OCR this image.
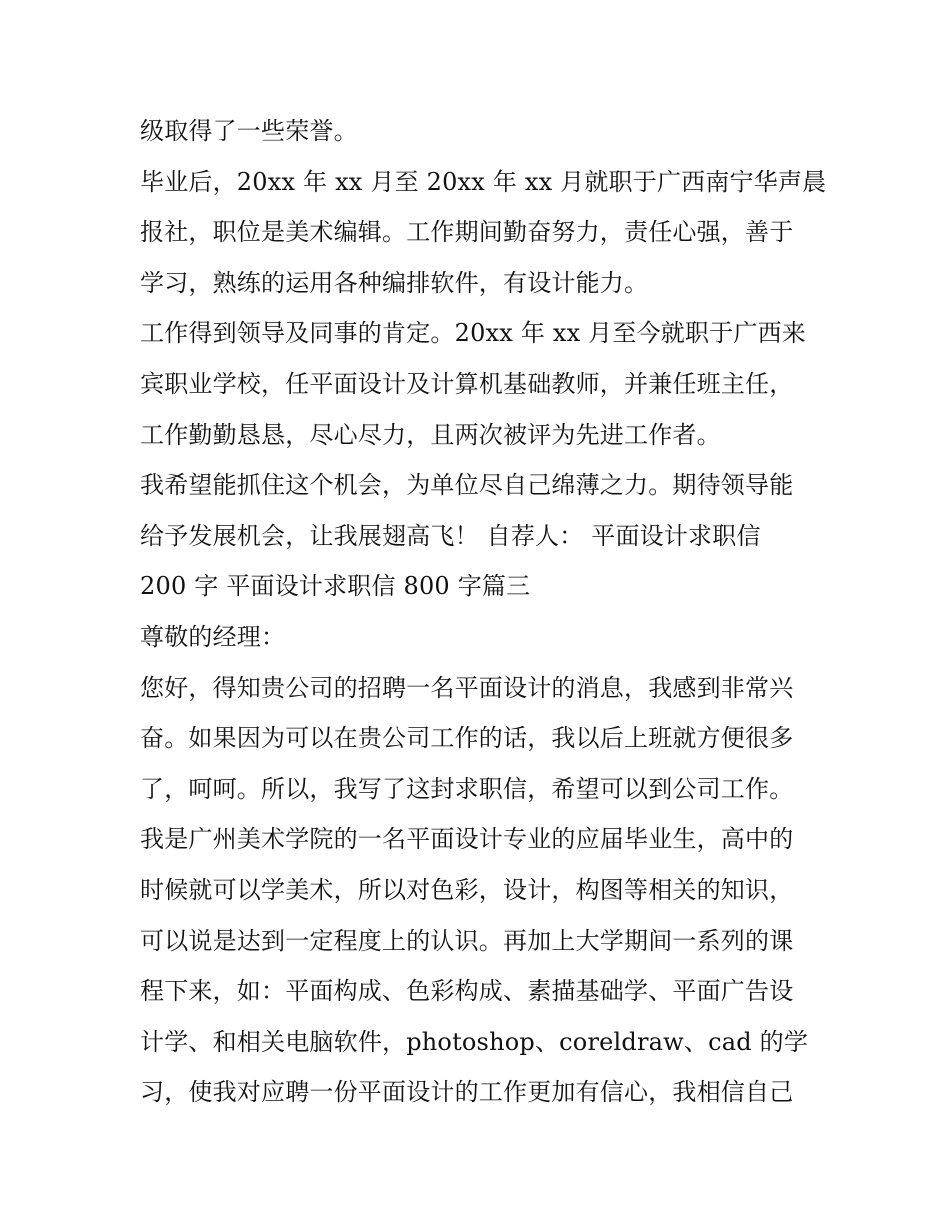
级取得了一些荣誉。
毕业后，20xx 年 xx 月至 20xx 年 xx 月就职于广西南宁华声晨
报社，职位是美术编辑。工作期间勤奋努力，责任心强，善于
学习，熟练的运用各种编排软件，有设计能力。
工作得到领导及同事的肯定。20xx 年 xx 月至今就职于广西来
宾职业学校，任平面设计及计算机基础教师，并兼任班主任，
工作勤勤恳恳，尽心尽力，且两次被评为先进工作者。
我希望能抓住这个机会，为单位尽自己绵薄之力。期待领导能
给予发展机会，让我展翅高飞！ 自荐人： 平面设计求职信
200 字 平面设计求职信 800 字篇三
尊敬的经理：
您好，得知贵公司的招聘一名平面设计的消息，我感到非常兴
奋。如果因为可以在贵公司工作的话，我以后上班就方便很多
了，呵呵。所以，我写了这封求职信，希望可以到公司工作。
我是广州美术学院的一名平面设计专业的应届毕业生，高中的
时候就可以学美术，所以对色彩，设计，构图等相关的知识，
可以说是达到一定程度上的认识。再加上大学期间一系列的课
程下来，如：平面构成、色彩构成、素描基础学、平面广告设
计学、和相关电脑软件，photoshop、coreldraw、cad 的学
习，使我对应聘一份平面设计的工作更加有信心，我相信自己
